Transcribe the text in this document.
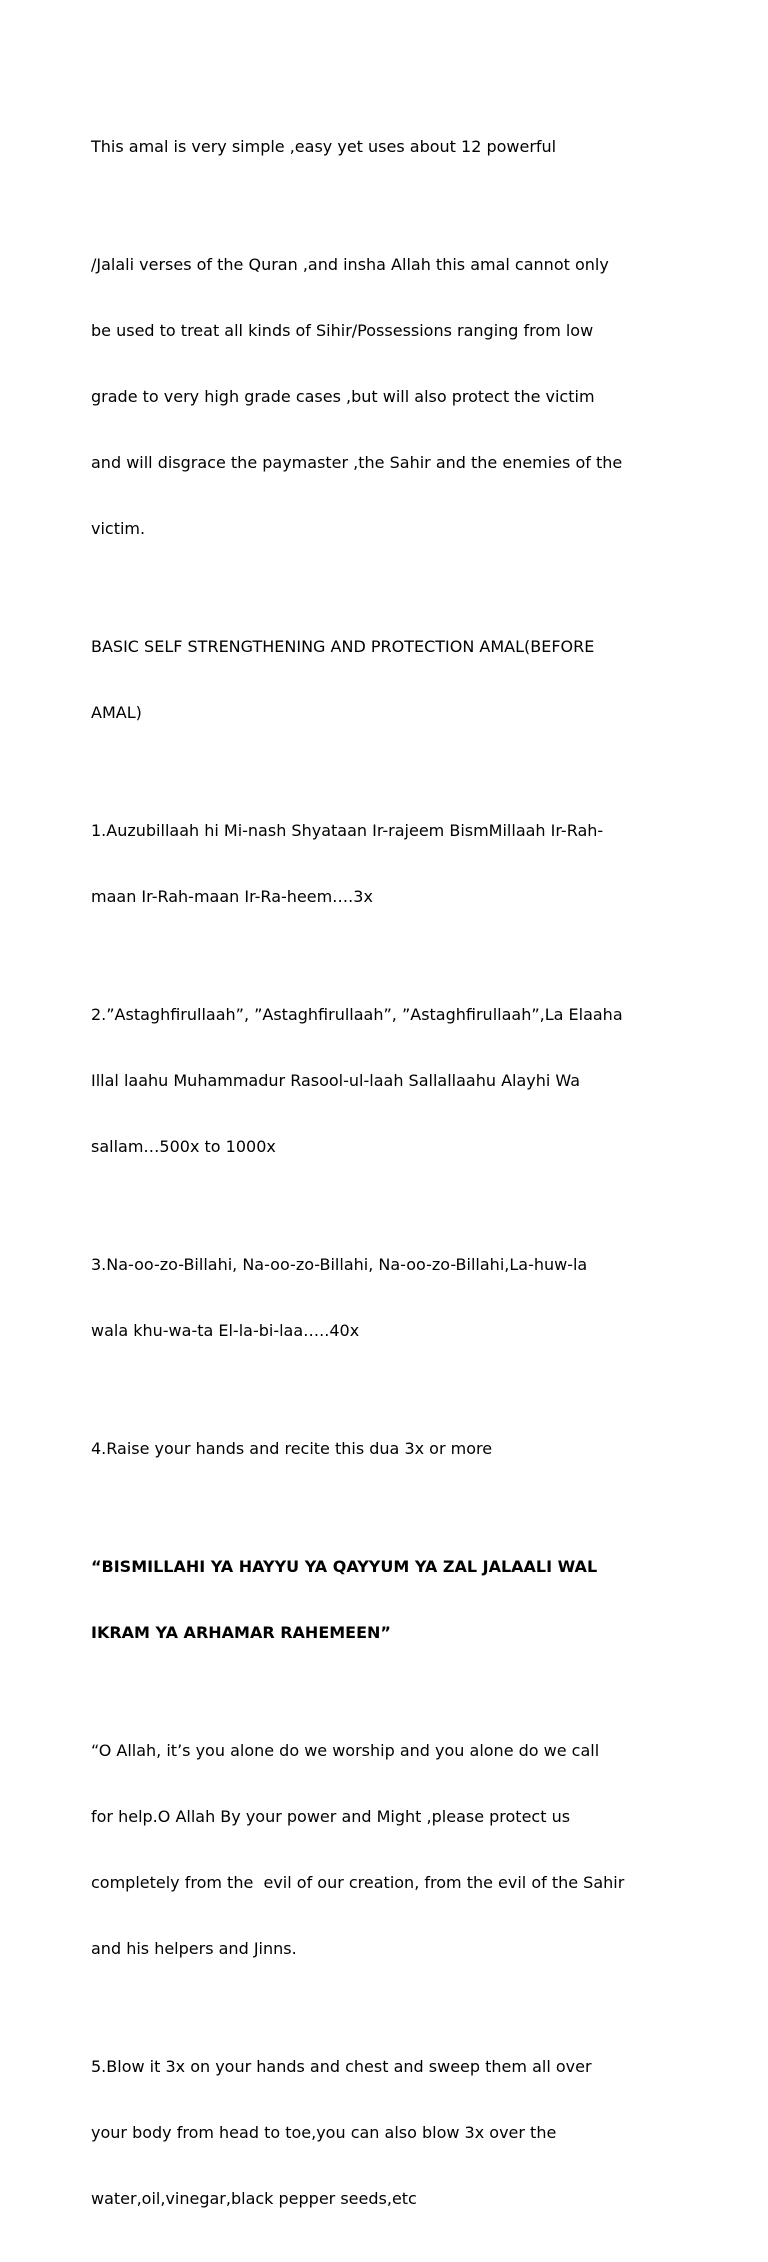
This amal is very simple ,easy yet uses about 12 powerful

/Jalali verses of the Quran ,and insha Allah this amal cannot only

be used to treat all kinds of Sihir/Possessions ranging from low

grade to very high grade cases ,but will also protect the victim

and will disgrace the paymaster ,the Sahir and the enemies of the

victim.

BASIC SELF STRENGTHENING AND PROTECTION AMAL(BEFORE

AMAL)

1.Auzubillaah hi Mi-nash Shyataan Ir-rajeem BismMillaah Ir-Rah-

maan Ir-Rah-maan Ir-Ra-heem….3x

2.”Astaghfirullaah”, ”Astaghfirullaah”, ”Astaghfirullaah”,La Elaaha

Illal laahu Muhammadur Rasool-ul-laah Sallallaahu Alayhi Wa

sallam…500x to 1000x

3.Na-oo-zo-Billahi, Na-oo-zo-Billahi, Na-oo-zo-Billahi,La-huw-la

wala khu-wa-ta El-la-bi-laa…..40x

4.Raise your hands and recite this dua 3x or more

“BISMILLAHI YA HAYYU YA QAYYUM YA ZAL JALAALI WAL

IKRAM YA ARHAMAR RAHEMEEN”

“O Allah, it’s you alone do we worship and you alone do we call

for help.O Allah By your power and Might ,please protect us

completely from the  evil of our creation, from the evil of the Sahir

and his helpers and Jinns.

5.Blow it 3x on your hands and chest and sweep them all over

your body from head to toe,you can also blow 3x over the

water,oil,vinegar,black pepper seeds,etc
